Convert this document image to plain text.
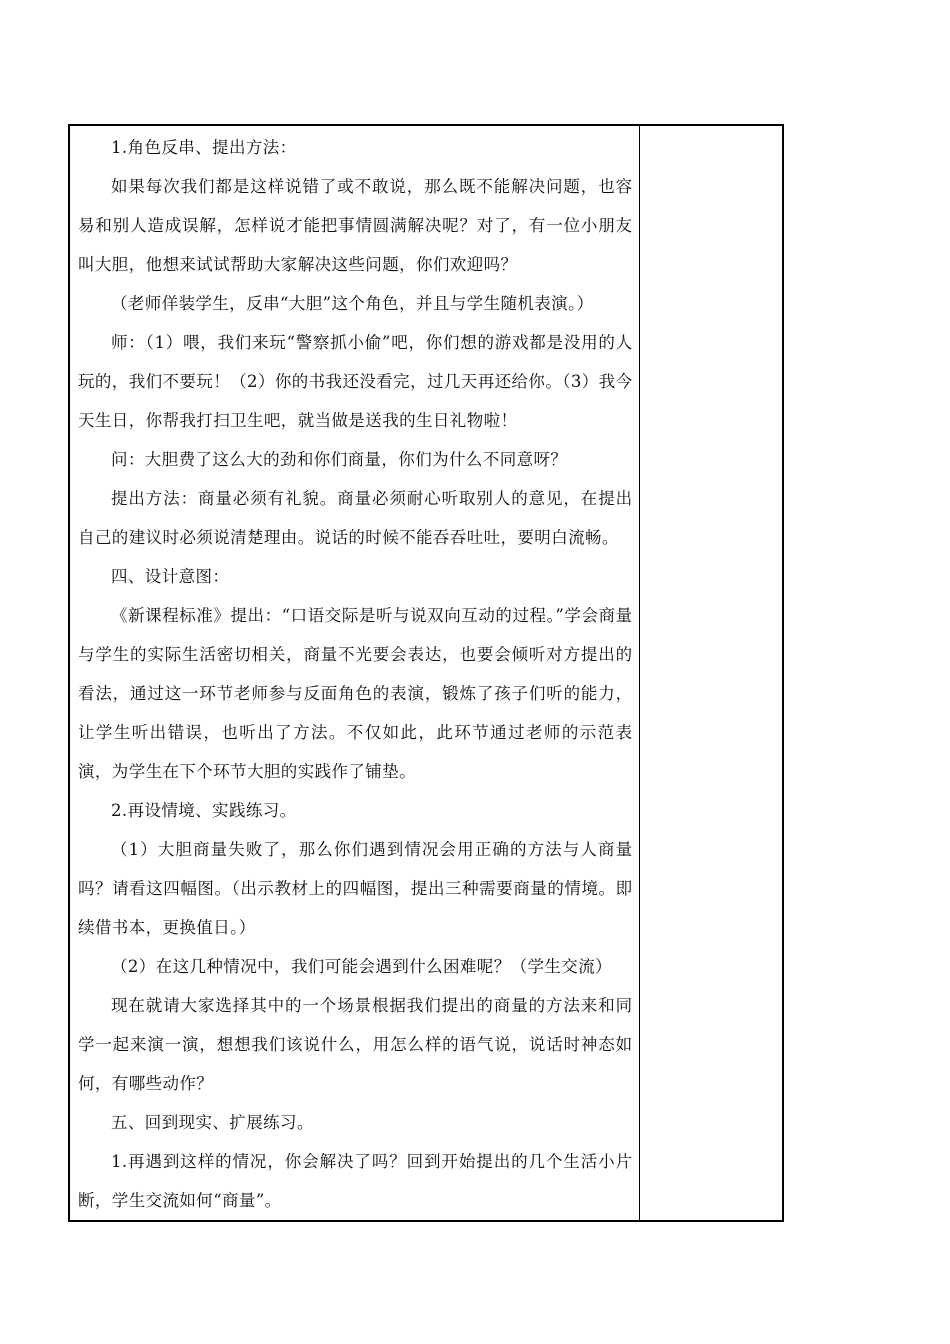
1.角色反串、提出方法：

如果每次我们都是这样说错了或不敢说，那么既不能解决问题，也容易和别人造成误解，怎样说才能把事情圆满解决呢？对了，有一位小朋友叫大胆，他想来试试帮助大家解决这些问题，你们欢迎吗？

（老师佯装学生，反串“大胆”这个角色，并且与学生随机表演。）

师：（1）喂，我们来玩“警察抓小偷”吧，你们想的游戏都是没用的人玩的，我们不要玩！（2）你的书我还没看完，过几天再还给你。（3）我今天生日，你帮我打扫卫生吧，就当做是送我的生日礼物啦！

问：大胆费了这么大的劲和你们商量，你们为什么不同意呀？

提出方法：商量必须有礼貌。商量必须耐心听取别人的意见，在提出自己的建议时必须说清楚理由。说话的时候不能吞吞吐吐，要明白流畅。

四、设计意图：

《新课程标准》提出：“口语交际是听与说双向互动的过程。”学会商量与学生的实际生活密切相关，商量不光要会表达，也要会倾听对方提出的看法，通过这一环节老师参与反面角色的表演，锻炼了孩子们听的能力，让学生听出错误，也听出了方法。不仅如此，此环节通过老师的示范表演，为学生在下个环节大胆的实践作了铺垫。

2.再设情境、实践练习。

（1）大胆商量失败了，那么你们遇到情况会用正确的方法与人商量吗？请看这四幅图。（出示教材上的四幅图，提出三种需要商量的情境。即续借书本，更换值日。）

（2）在这几种情况中，我们可能会遇到什么困难呢？（学生交流）

现在就请大家选择其中的一个场景根据我们提出的商量的方法来和同学一起来演一演，想想我们该说什么，用怎么样的语气说，说话时神态如何，有哪些动作？

五、回到现实、扩展练习。

1.再遇到这样的情况，你会解决了吗？回到开始提出的几个生活小片断，学生交流如何“商量”。
